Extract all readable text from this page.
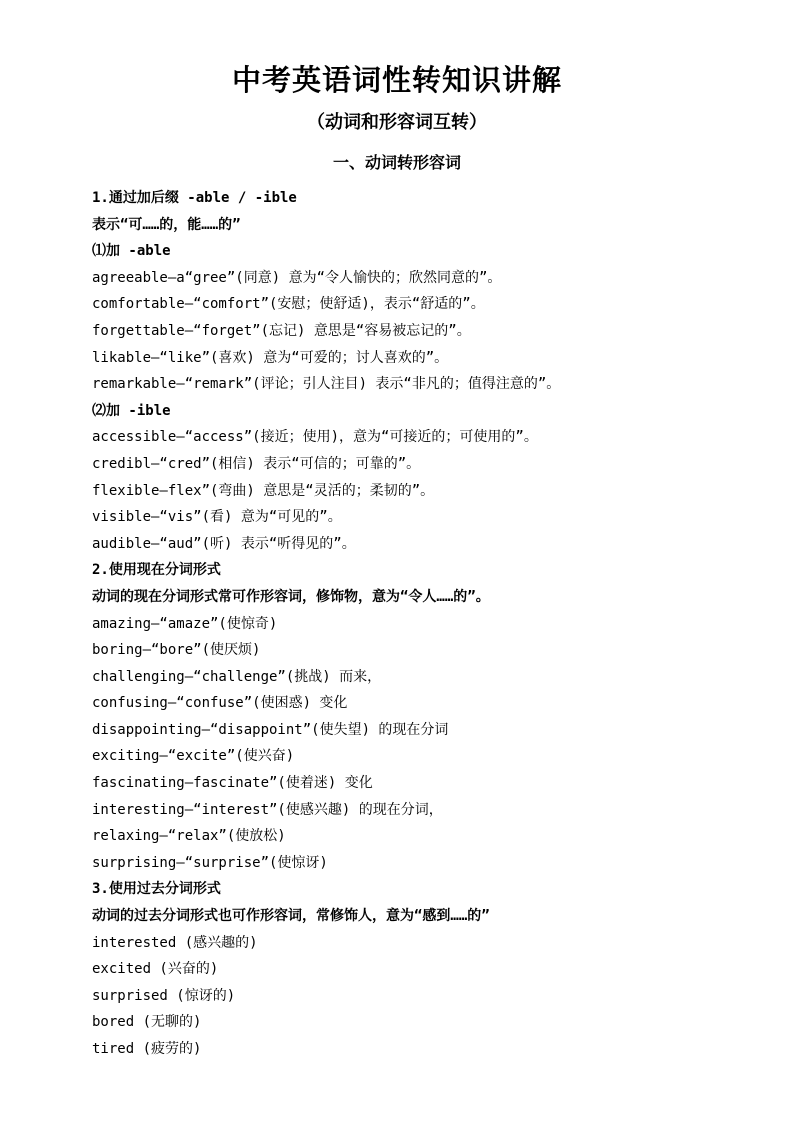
中考英语词性转知识讲解
（动词和形容词互转）
一、动词转形容词
1.通过加后缀 -able / -ible
表示“可……的，能……的”
⑴加 -able
agreeable—a“gree”(同意) 意为“令人愉快的；欣然同意的”。
comfortable—“comfort”(安慰；使舒适)，表示“舒适的”。
forgettable—“forget”(忘记) 意思是“容易被忘记的”。
likable—“like”(喜欢) 意为“可爱的；讨人喜欢的”。
remarkable—“remark”(评论；引人注目) 表示“非凡的；值得注意的”。
⑵加 -ible
accessible—“access”(接近；使用)，意为“可接近的；可使用的”。
credibl—“cred”(相信) 表示“可信的；可靠的”。
flexible—flex”(弯曲) 意思是“灵活的；柔韧的”。
visible—“vis”(看) 意为“可见的”。
audible—“aud”(听) 表示“听得见的”。
2.使用现在分词形式
动词的现在分词形式常可作形容词，修饰物，意为“令人……的”。
amazing—“amaze”(使惊奇)
boring—“bore”(使厌烦)
challenging—“challenge”(挑战) 而来，
confusing—“confuse”(使困惑) 变化
disappointing—“disappoint”(使失望) 的现在分词
exciting—“excite”(使兴奋)
fascinating—fascinate”(使着迷) 变化
interesting—“interest”(使感兴趣) 的现在分词，
relaxing—“relax”(使放松)
surprising—“surprise”(使惊讶)
3.使用过去分词形式
动词的过去分词形式也可作形容词，常修饰人，意为“感到……的”
interested (感兴趣的)
excited (兴奋的)
surprised (惊讶的)
bored (无聊的)
tired (疲劳的)
